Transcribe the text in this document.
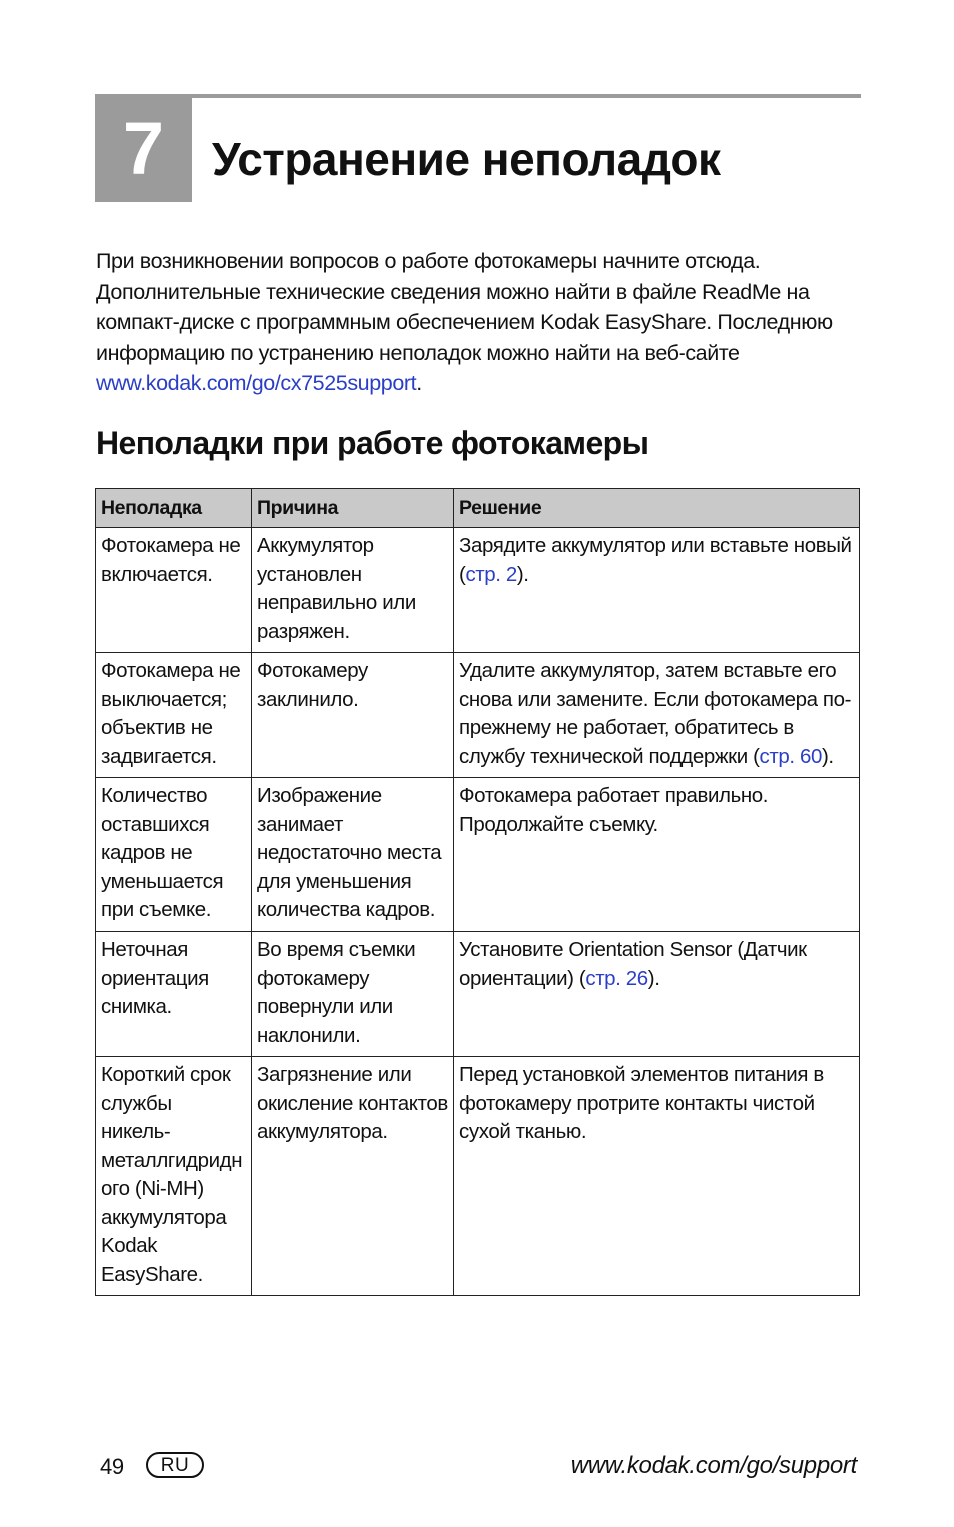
7	Устранение неполадок

При возникновении вопросов о работе фотокамеры начните отсюда. Дополнительные технические сведения можно найти в файле ReadMe на компакт-диске с программным обеспечением Kodak EasyShare. Последнюю информацию по устранению неполадок можно найти на веб-сайте www.kodak.com/go/cx7525support.

Неполадки при работе фотокамеры
Неполадка	Причина	Решение
Фотокамера не включается.	Аккумулятор установлен неправильно или разряжен.	Зарядите аккумулятор или вставьте новый (стр. 2).
Фотокамера не выключается; объектив не задвигается.	Фотокамеру заклинило.	Удалите аккумулятор, затем вставьте его снова или замените. Если фотокамера по-прежнему не работает, обратитесь в службу технической поддержки (стр. 60).
Количество оставшихся кадров не уменьшается при съемке.	Изображение занимает недостаточно места для уменьшения количества кадров.	Фотокамера работает правильно. Продолжайте съемку.
Неточная ориентация снимка.	Во время съемки фотокамеру повернули или наклонили.	Установите Orientation Sensor (Датчик ориентации) (стр. 26).
Короткий срок службы никель-металлгидридного (Ni-MH) аккумулятора Kodak EasyShare.	Загрязнение или окисление контактов аккумулятора.	Перед установкой элементов питания в фотокамеру протрите контакты чистой сухой тканью.
49	RU	www.kodak.com/go/support
